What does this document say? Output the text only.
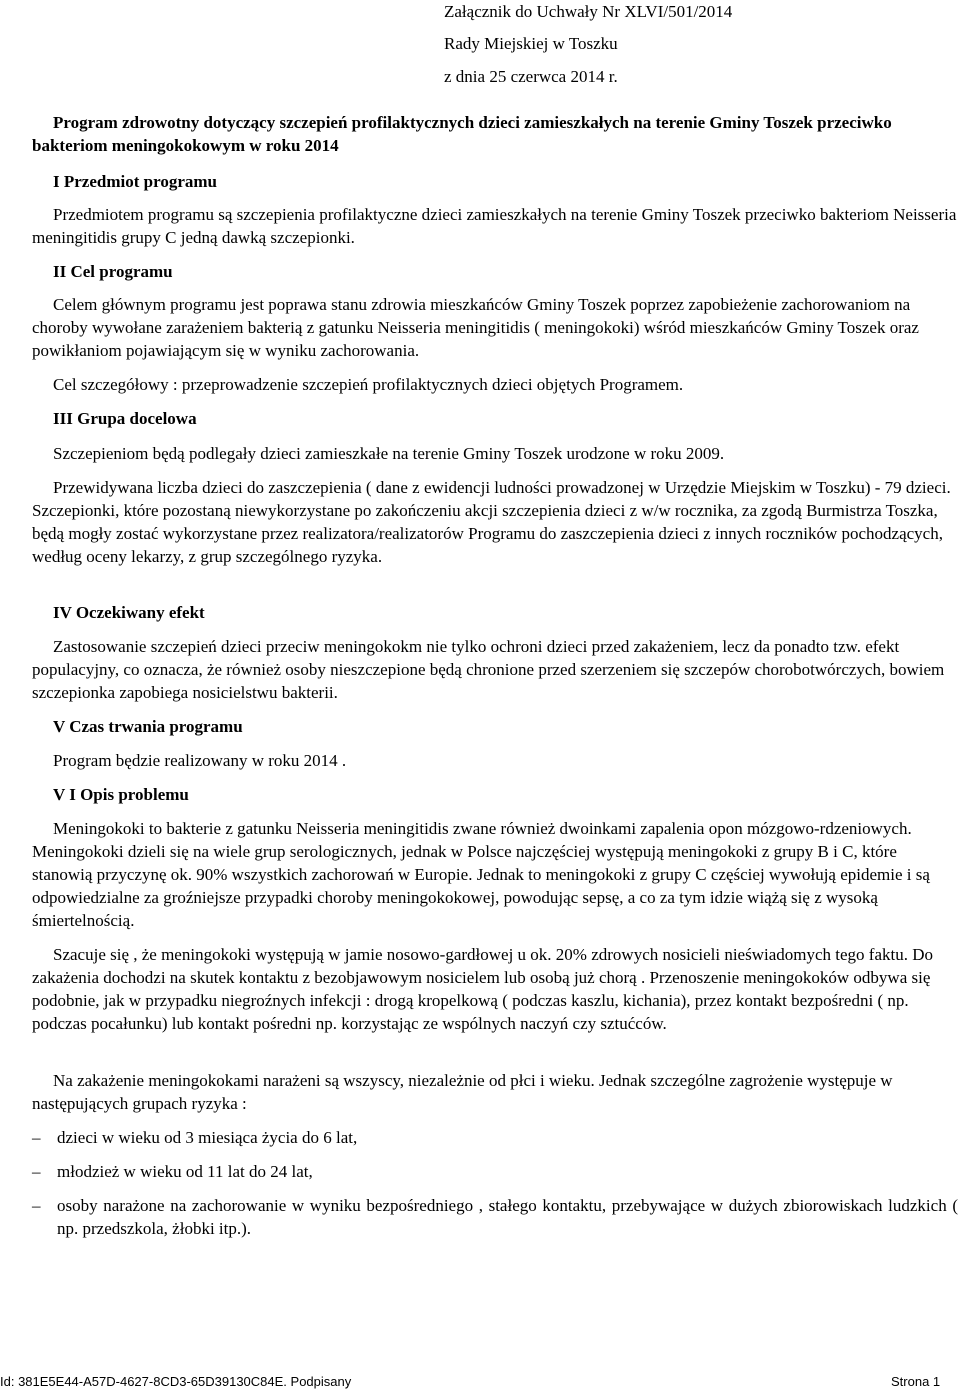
Załącznik do Uchwały Nr XLVI/501/2014
Rady Miejskiej w Toszku
z dnia 25 czerwca 2014 r.
Program zdrowotny dotyczący szczepień profilaktycznych dzieci zamieszkałych na terenie Gminy Toszek przeciwko bakteriom meningokokowym w roku 2014
I Przedmiot programu

Przedmiotem programu są szczepienia profilaktyczne dzieci zamieszkałych na terenie Gminy Toszek przeciwko bakteriom Neisseria meningitidis grupy C jedną dawką szczepionki.

II Cel programu

Celem głównym programu jest poprawa stanu zdrowia mieszkańców Gminy Toszek poprzez zapobieżenie zachorowaniom na choroby wywołane zarażeniem bakterią z gatunku Neisseria meningitidis ( meningokoki) wśród mieszkańców Gminy Toszek oraz powikłaniom pojawiającym się w wyniku zachorowania.

Cel szczegółowy : przeprowadzenie szczepień profilaktycznych dzieci objętych Programem.

III Grupa docelowa

Szczepieniom będą podlegały dzieci zamieszkałe na terenie Gminy Toszek urodzone w roku 2009.

Przewidywana liczba dzieci do zaszczepienia ( dane z ewidencji ludności prowadzonej w Urzędzie Miejskim w Toszku) - 79 dzieci. Szczepionki, które pozostaną niewykorzystane po zakończeniu akcji szczepienia dzieci z w/w rocznika, za zgodą Burmistrza Toszka, będą mogły zostać wykorzystane przez realizatora/realizatorów Programu do zaszczepienia dzieci z innych roczników pochodzących, według oceny lekarzy, z grup szczególnego ryzyka.

IV Oczekiwany efekt

Zastosowanie szczepień dzieci przeciw meningokokm nie tylko ochroni dzieci przed zakażeniem, lecz da ponadto tzw. efekt populacyjny, co oznacza, że również osoby nieszczepione będą chronione przed szerzeniem się szczepów chorobotwórczych, bowiem szczepionka zapobiega nosicielstwu bakterii.

V Czas trwania programu

Program będzie realizowany w roku 2014 .

V I Opis problemu

Meningokoki to bakterie z gatunku Neisseria meningitidis zwane również dwoinkami zapalenia opon mózgowo-rdzeniowych. Meningokoki dzieli się na wiele grup serologicznych, jednak w Polsce najczęściej występują meningokoki z grupy B i C, które stanowią przyczynę ok. 90% wszystkich zachorowań w Europie. Jednak to meningokoki z grupy C częściej wywołują epidemie i są odpowiedzialne za groźniejsze przypadki choroby meningokokowej, powodując sepsę, a co za tym idzie wiążą się z wysoką śmiertelnością.

Szacuje się , że meningokoki występują w jamie nosowo-gardłowej u ok. 20% zdrowych nosicieli nieświadomych tego faktu. Do zakażenia dochodzi na skutek kontaktu z bezobjawowym nosicielem lub osobą już chorą . Przenoszenie meningokoków odbywa się podobnie, jak w przypadku niegroźnych infekcji : drogą kropelkową ( podczas kaszlu, kichania), przez kontakt bezpośredni ( np. podczas pocałunku) lub kontakt pośredni np. korzystając ze wspólnych naczyń czy sztućców.

Na zakażenie meningokokami narażeni są wszyscy, niezależnie od płci i wieku. Jednak szczególne zagrożenie występuje w następujących grupach ryzyka :

– dzieci w wieku od 3 miesiąca życia do 6 lat,
– młodzież w wieku od 11 lat do 24 lat,
– osoby narażone na zachorowanie w wyniku bezpośredniego , stałego kontaktu, przebywające w dużych zbiorowiskach ludzkich ( np. przedszkola, żłobki itp.).
Id: 381E5E44-A57D-4627-8CD3-65D39130C84E. Podpisany	Strona 1
